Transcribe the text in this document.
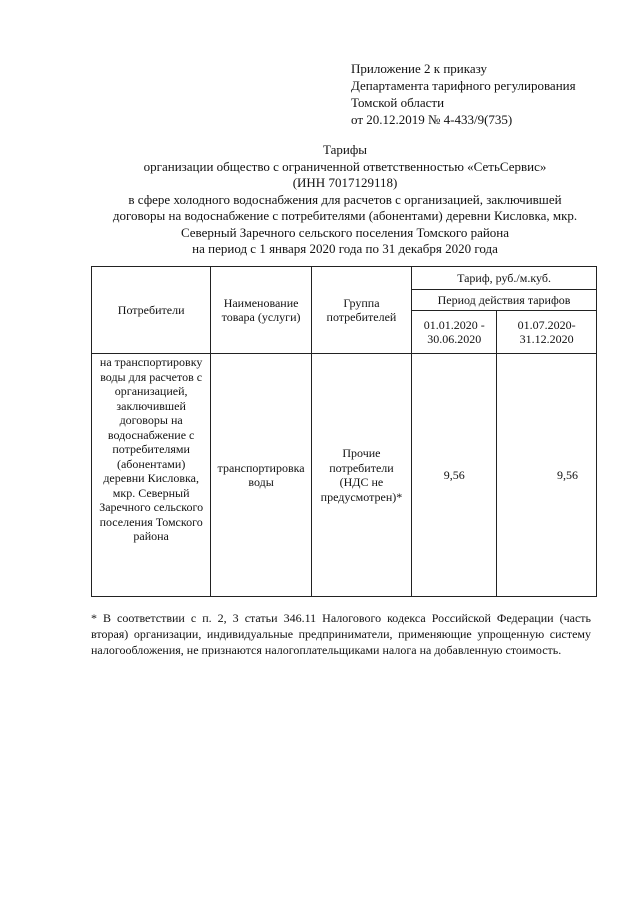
Приложение 2 к приказу
Департамента тарифного регулирования
Томской области
от 20.12.2019 № 4-433/9(735)
Тарифы
организации общество с ограниченной ответственностью «СетьСервис»
(ИНН 7017129118)
в сфере холодного водоснабжения для расчетов с организацией, заключившей
договоры на водоснабжение с потребителями (абонентами) деревни Кисловка, мкр.
Северный Заречного сельского поселения Томского района
на период с 1 января 2020 года по 31 декабря 2020 года
Потребители	Наименование товара (услуги)	Группа потребителей	Тариф, руб./м.куб.	
			Период действия тарифов	
			01.01.2020 - 30.06.2020	01.07.2020- 31.12.2020
на транспортировку воды для расчетов с организацией, заключившей договоры на водоснабжение с потребителями (абонентами) деревни Кисловка, мкр. Северный Заречного сельского поселения Томского района	транспортировка воды	Прочие потребители (НДС не предусмотрен)*	9,56	9,56
* В соответствии с п. 2, 3 статьи 346.11 Налогового кодекса Российской Федерации (часть вторая) организации, индивидуальные предприниматели, применяющие упрощенную систему налогообложения, не признаются налогоплательщиками налога на добавленную стоимость.
